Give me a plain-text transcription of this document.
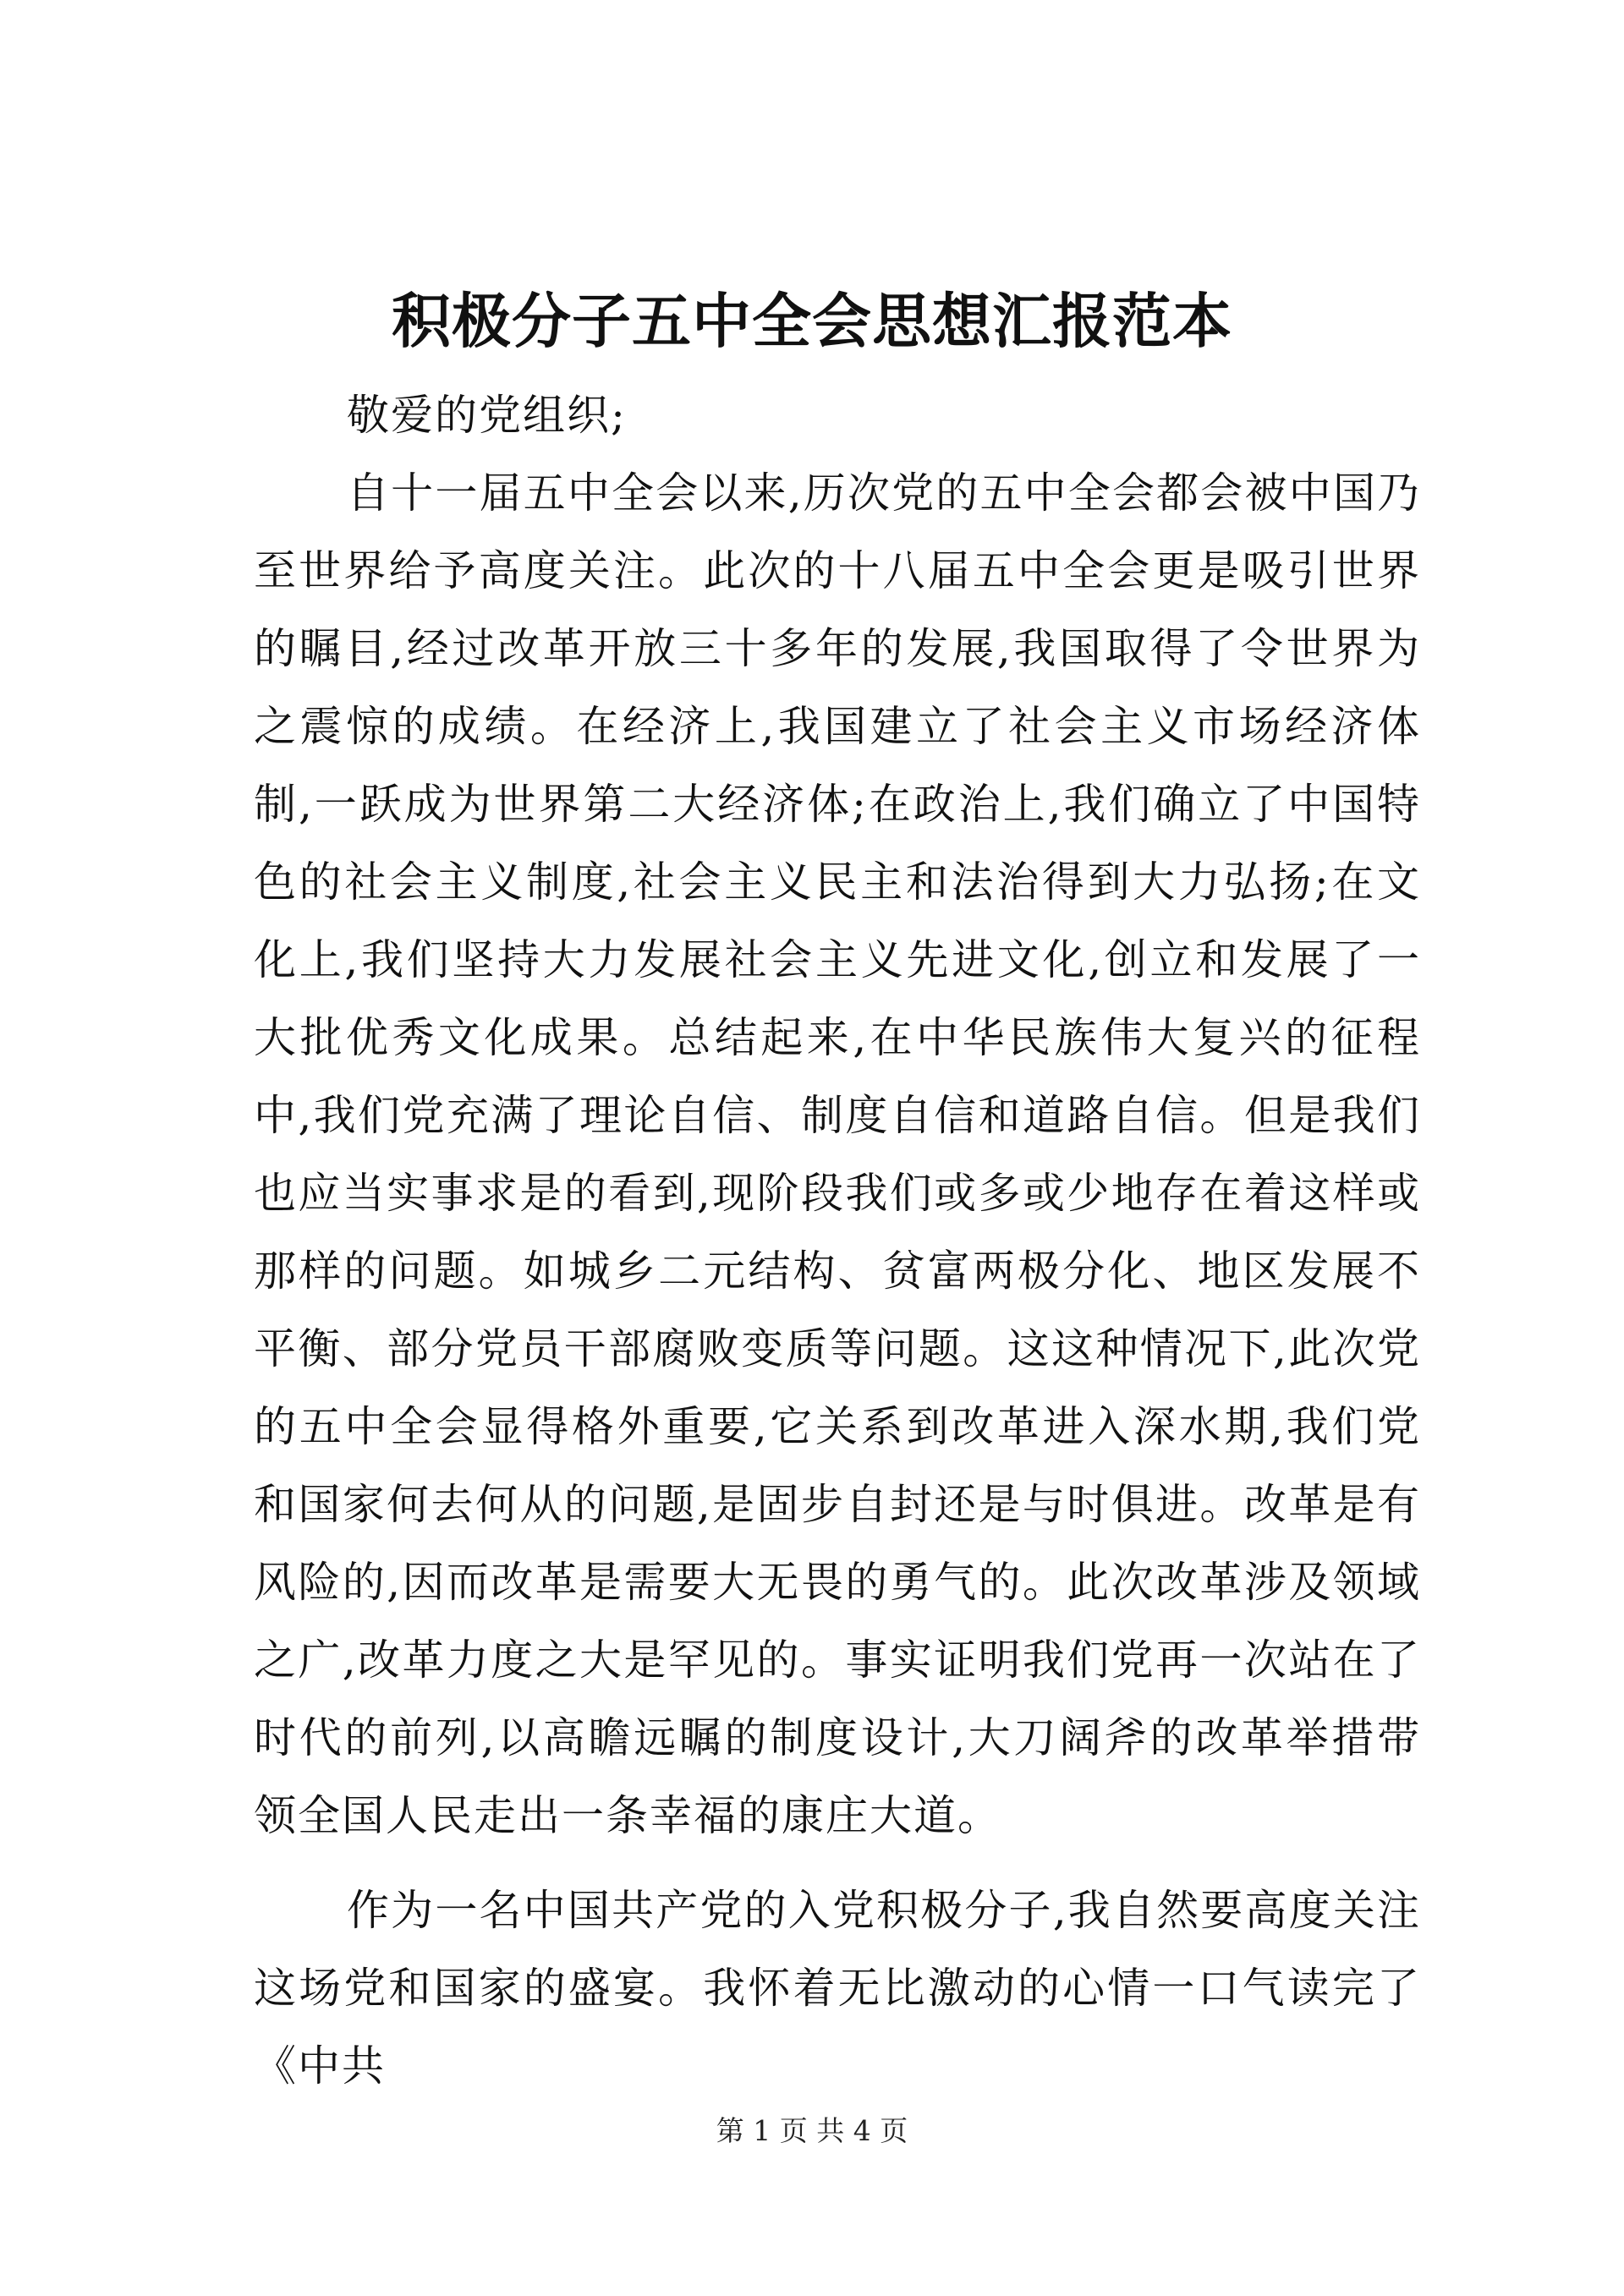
积极分子五中全会思想汇报范本

敬爱的党组织;

自十一届五中全会以来,历次党的五中全会都会被中国乃至世界给予高度关注。此次的十八届五中全会更是吸引世界的瞩目,经过改革开放三十多年的发展,我国取得了令世界为之震惊的成绩。在经济上,我国建立了社会主义市场经济体制,一跃成为世界第二大经济体;在政治上,我们确立了中国特色的社会主义制度,社会主义民主和法治得到大力弘扬;在文化上,我们坚持大力发展社会主义先进文化,创立和发展了一大批优秀文化成果。总结起来,在中华民族伟大复兴的征程中,我们党充满了理论自信、制度自信和道路自信。但是我们也应当实事求是的看到,现阶段我们或多或少地存在着这样或那样的问题。如城乡二元结构、贫富两极分化、地区发展不平衡、部分党员干部腐败变质等问题。这这种情况下,此次党的五中全会显得格外重要,它关系到改革进入深水期,我们党和国家何去何从的问题,是固步自封还是与时俱进。改革是有风险的,因而改革是需要大无畏的勇气的。此次改革涉及领域之广,改革力度之大是罕见的。事实证明我们党再一次站在了时代的前列,以高瞻远瞩的制度设计,大刀阔斧的改革举措带领全国人民走出一条幸福的康庄大道。

作为一名中国共产党的入党积极分子,我自然要高度关注这场党和国家的盛宴。我怀着无比激动的心情一口气读完了《中共

第 1 页 共 4 页
